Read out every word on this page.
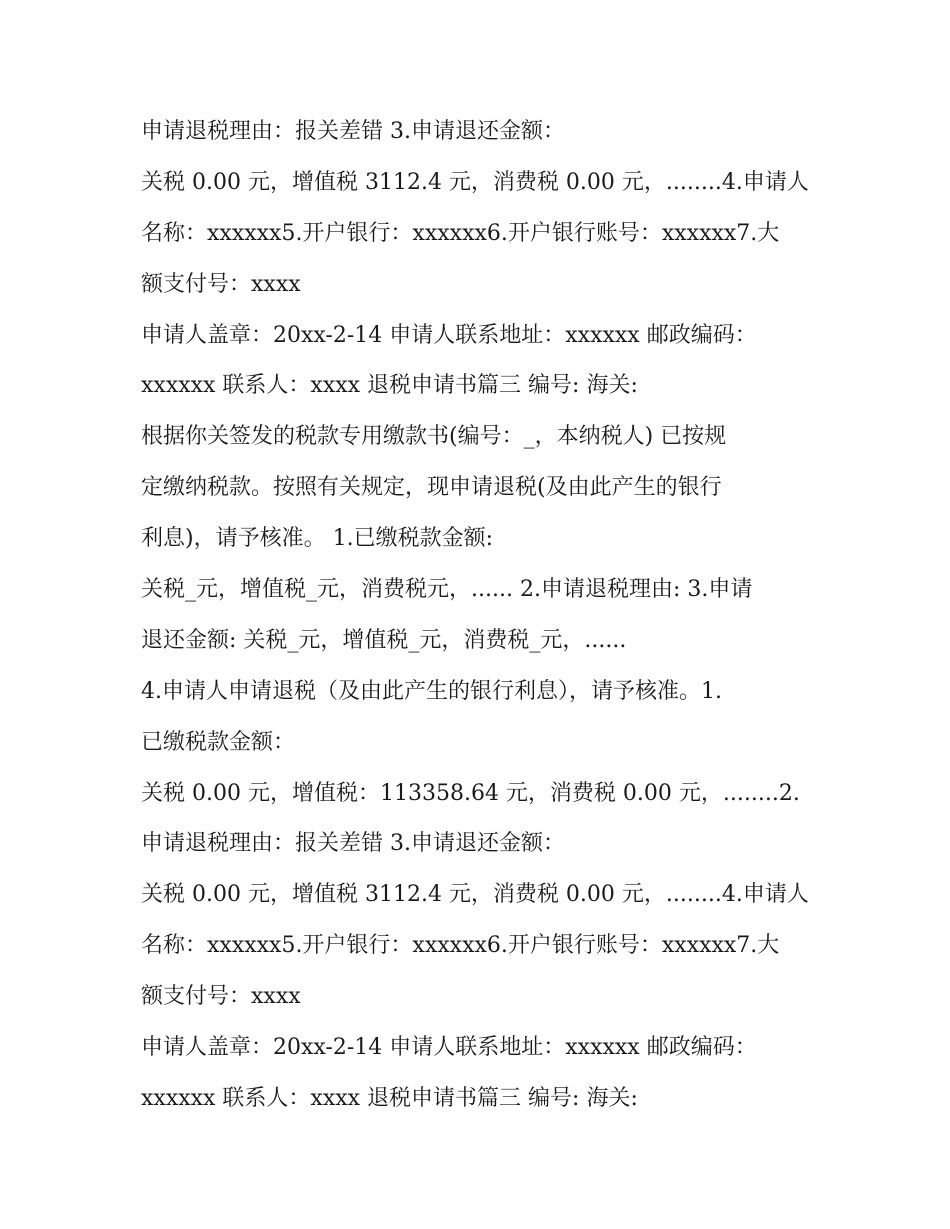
申请退税理由：报关差错 3.申请退还金额：
关税 0.00 元，增值税 3112.4 元，消费税 0.00 元，........4.申请人
名称：xxxxxx5.开户银行：xxxxxx6.开户银行账号：xxxxxx7.大
额支付号：xxxx
申请人盖章：20xx-2-14 申请人联系地址：xxxxxx 邮政编码：
xxxxxx 联系人：xxxx 退税申请书篇三 编号: 海关:
根据你关签发的税款专用缴款书(编号：_，本纳税人) 已按规
定缴纳税款。按照有关规定，现申请退税(及由此产生的银行
利息)，请予核准。 1.已缴税款金额:
关税_元，增值税_元，消费税元，...... 2.申请退税理由: 3.申请
退还金额: 关税_元，增值税_元，消费税_元，......
4.申请人申请退税（及由此产生的银行利息），请予核准。1.
已缴税款金额：
关税 0.00 元，增值税：113358.64 元，消费税 0.00 元，........2.
申请退税理由：报关差错 3.申请退还金额：
关税 0.00 元，增值税 3112.4 元，消费税 0.00 元，........4.申请人
名称：xxxxxx5.开户银行：xxxxxx6.开户银行账号：xxxxxx7.大
额支付号：xxxx
申请人盖章：20xx-2-14 申请人联系地址：xxxxxx 邮政编码：
xxxxxx 联系人：xxxx 退税申请书篇三 编号: 海关:
